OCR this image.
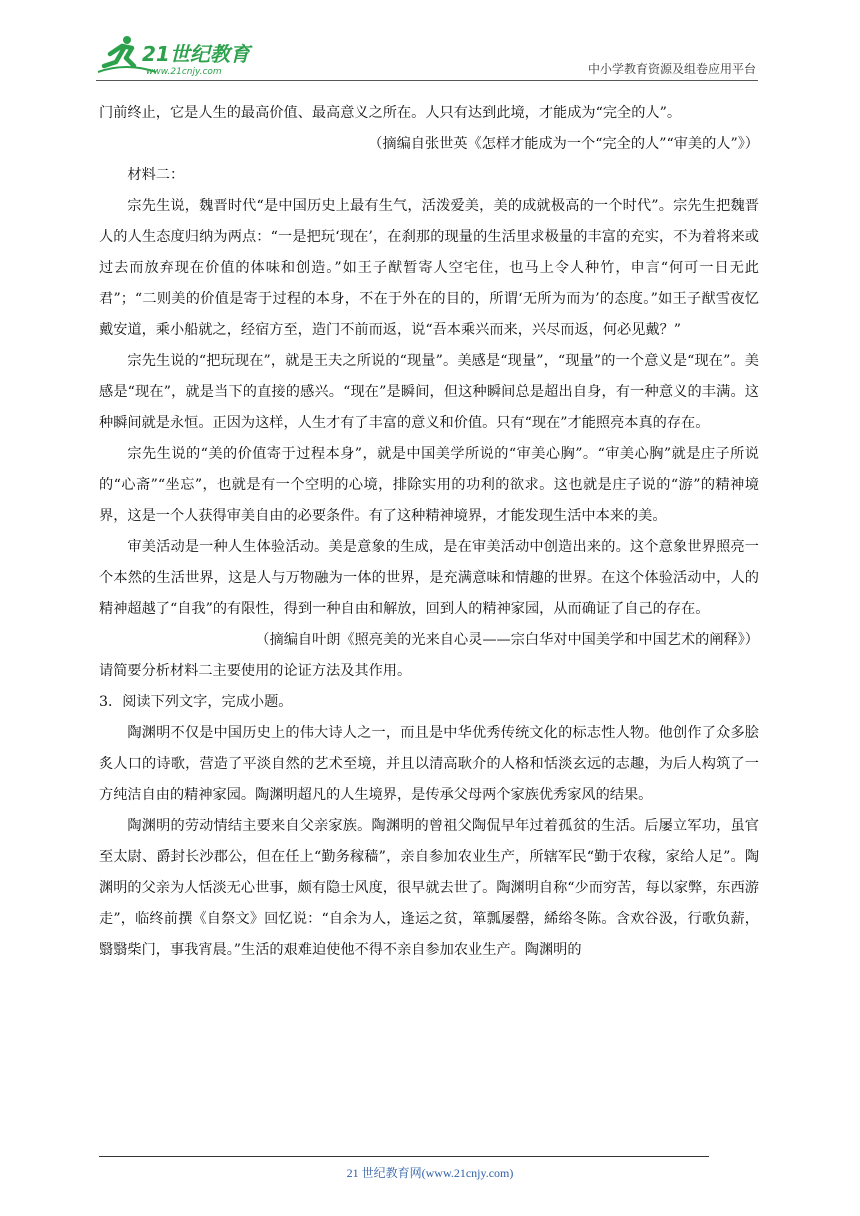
21世纪教育
www.21cnjy.com	中小学教育资源及组卷应用平台

门前终止，它是人生的最高价值、最高意义之所在。人只有达到此境，才能成为“完全的人”。

（摘编自张世英《怎样才能成为一个“完全的人”“审美的人”》）

材料二：

宗先生说，魏晋时代“是中国历史上最有生气，活泼爱美，美的成就极高的一个时代”。宗先生把魏晋人的人生态度归纳为两点：“一是把玩‘现在’，在刹那的现量的生活里求极量的丰富的充实，不为着将来或过去而放弃现在价值的体味和创造。”如王子猷暂寄人空宅住，也马上令人种竹，申言“何可一日无此君”；“二则美的价值是寄于过程的本身，不在于外在的目的，所谓‘无所为而为’的态度。”如王子猷雪夜忆戴安道，乘小船就之，经宿方至，造门不前而返，说“吾本乘兴而来，兴尽而返，何必见戴？”

宗先生说的“把玩现在”，就是王夫之所说的“现量”。美感是“现量”，“现量”的一个意义是“现在”。美感是“现在”，就是当下的直接的感兴。“现在”是瞬间，但这种瞬间总是超出自身，有一种意义的丰满。这种瞬间就是永恒。正因为这样，人生才有了丰富的意义和价值。只有“现在”才能照亮本真的存在。

宗先生说的“美的价值寄于过程本身”，就是中国美学所说的“审美心胸”。“审美心胸”就是庄子所说的“心斋”“坐忘”，也就是有一个空明的心境，排除实用的功利的欲求。这也就是庄子说的“游”的精神境界，这是一个人获得审美自由的必要条件。有了这种精神境界，才能发现生活中本来的美。

审美活动是一种人生体验活动。美是意象的生成，是在审美活动中创造出来的。这个意象世界照亮一个本然的生活世界，这是人与万物融为一体的世界，是充满意味和情趣的世界。在这个体验活动中，人的精神超越了“自我”的有限性，得到一种自由和解放，回到人的精神家园，从而确证了自己的存在。

（摘编自叶朗《照亮美的光来自心灵——宗白华对中国美学和中国艺术的阐释》）

请简要分析材料二主要使用的论证方法及其作用。

3．阅读下列文字，完成小题。

陶渊明不仅是中国历史上的伟大诗人之一，而且是中华优秀传统文化的标志性人物。他创作了众多脍炙人口的诗歌，营造了平淡自然的艺术至境，并且以清高耿介的人格和恬淡玄远的志趣，为后人构筑了一方纯洁自由的精神家园。陶渊明超凡的人生境界，是传承父母两个家族优秀家风的结果。

陶渊明的劳动情结主要来自父亲家族。陶渊明的曾祖父陶侃早年过着孤贫的生活。后屡立军功，虽官至太尉、爵封长沙郡公，但在任上“勤务稼穑”，亲自参加农业生产，所辖军民“勤于农稼，家给人足”。陶渊明的父亲为人恬淡无心世事，颇有隐士风度，很早就去世了。陶渊明自称“少而穷苦，每以家弊，东西游走”，临终前撰《自祭文》回忆说：“自余为人，逢运之贫，箪瓢屡罄，絺绤冬陈。含欢谷汲，行歌负薪，翳翳柴门，事我宵晨。”生活的艰难迫使他不得不亲自参加农业生产。陶渊明的

21 世纪教育网(www.21cnjy.com)
